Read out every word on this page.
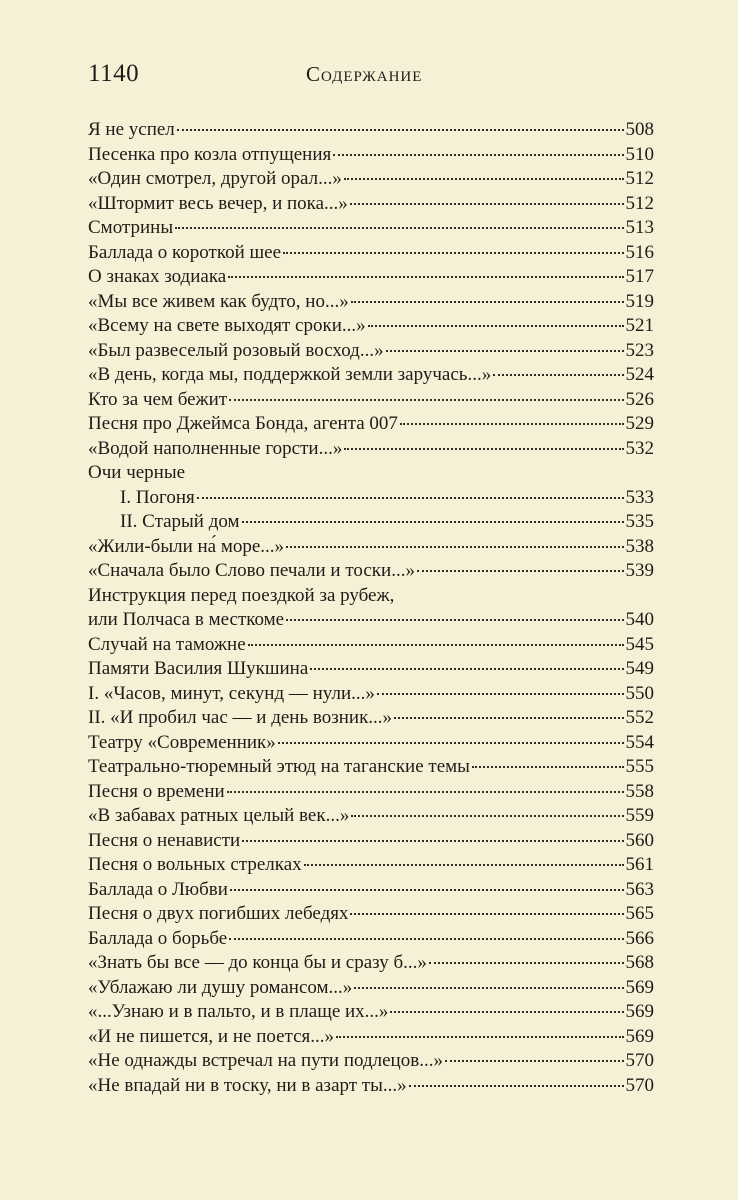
1140	Содержание
Я не успел	508
Песенка про козла отпущения	510
«Один смотрел, другой орал...»	512
«Штормит весь вечер, и пока...»	512
Смотрины	513
Баллада о короткой шее	516
О знаках зодиака	517
«Мы все живем как будто, но...»	519
«Всему на свете выходят сроки...»	521
«Был развеселый розовый восход...»	523
«В день, когда мы, поддержкой земли заручась...»	524
Кто за чем бежит	526
Песня про Джеймса Бонда, агента 007	529
«Водой наполненные горсти...»	532
Очи черные
I. Погоня	533
II. Старый дом	535
«Жили-были на́ море...»	538
«Сначала было Слово печали и тоски...»	539
Инструкция перед поездкой за рубеж,
или Полчаса в месткоме	540
Случай на таможне	545
Памяти Василия Шукшина	549
I. «Часов, минут, секунд — нули...»	550
II. «И пробил час — и день возник...»	552
Театру «Современник»	554
Театрально-тюремный этюд на таганские темы	555
Песня о времени	558
«В забавах ратных целый век...»	559
Песня о ненависти	560
Песня о вольных стрелках	561
Баллада о Любви	563
Песня о двух погибших лебедях	565
Баллада о борьбе	566
«Знать бы все — до конца бы и сразу б...»	568
«Ублажаю ли душу романсом...»	569
«...Узнаю и в пальто, и в плаще их...»	569
«И не пишется, и не поется...»	569
«Не однажды встречал на пути подлецов...»	570
«Не впадай ни в тоску, ни в азарт ты...»	570
